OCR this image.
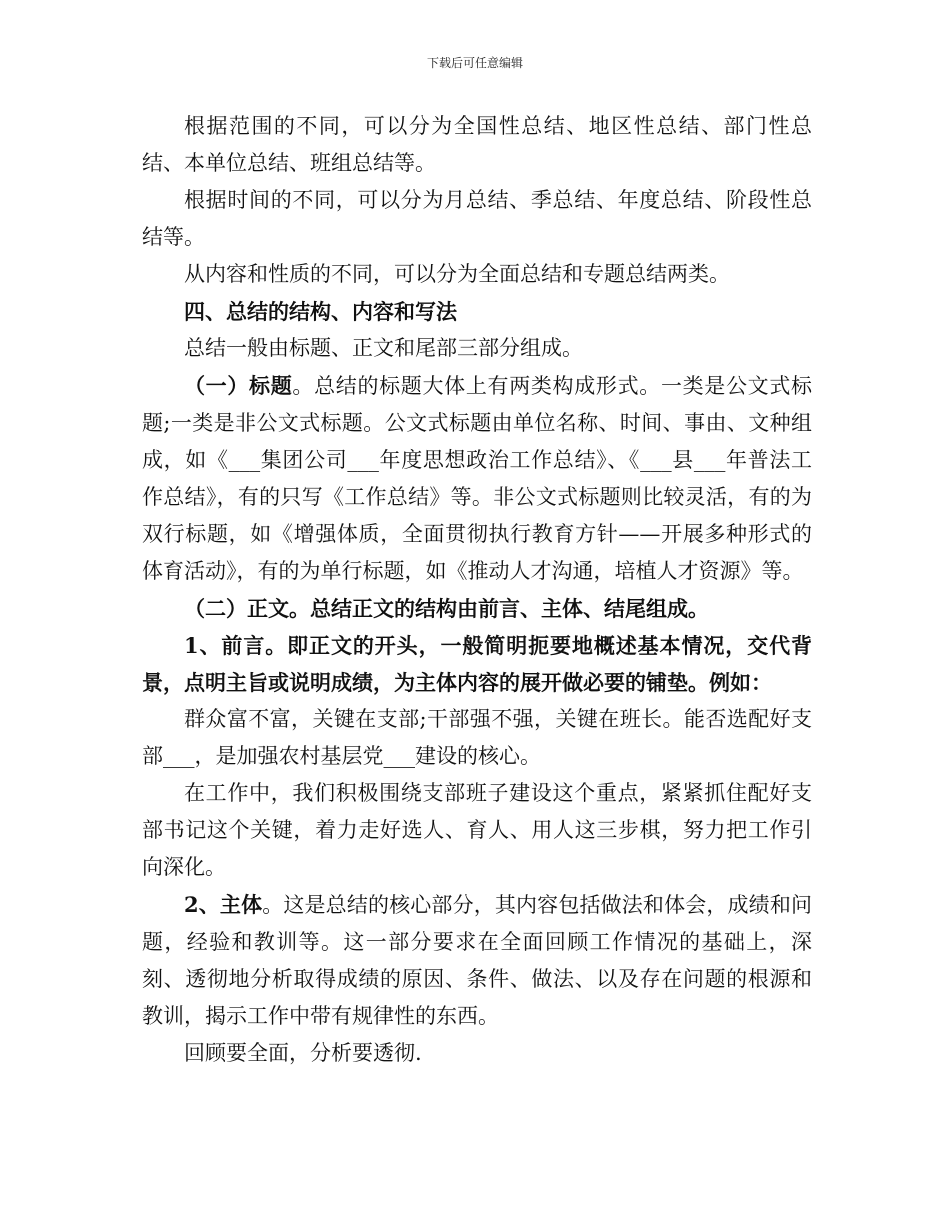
下载后可任意编辑

根据范围的不同，可以分为全国性总结、地区性总结、部门性总结、本单位总结、班组总结等。

根据时间的不同，可以分为月总结、季总结、年度总结、阶段性总结等。

从内容和性质的不同，可以分为全面总结和专题总结两类。

四、总结的结构、内容和写法

总结一般由标题、正文和尾部三部分组成。

（一）标题。总结的标题大体上有两类构成形式。一类是公文式标题;一类是非公文式标题。公文式标题由单位名称、时间、事由、文种组成，如《___集团公司___年度思想政治工作总结》、《___县___年普法工作总结》，有的只写《工作总结》等。非公文式标题则比较灵活，有的为双行标题，如《增强体质，全面贯彻执行教育方针——开展多种形式的体育活动》，有的为单行标题，如《推动人才沟通，培植人才资源》等。

（二）正文。总结正文的结构由前言、主体、结尾组成。

1、前言。即正文的开头，一般简明扼要地概述基本情况，交代背景，点明主旨或说明成绩，为主体内容的展开做必要的铺垫。例如：

群众富不富，关键在支部;干部强不强，关键在班长。能否选配好支部___，是加强农村基层党___建设的核心。

在工作中，我们积极围绕支部班子建设这个重点，紧紧抓住配好支部书记这个关键，着力走好选人、育人、用人这三步棋，努力把工作引向深化。

2、主体。这是总结的核心部分，其内容包括做法和体会，成绩和问题，经验和教训等。这一部分要求在全面回顾工作情况的基础上，深刻、透彻地分析取得成绩的原因、条件、做法、以及存在问题的根源和教训，揭示工作中带有规律性的东西。

回顾要全面，分析要透彻.
